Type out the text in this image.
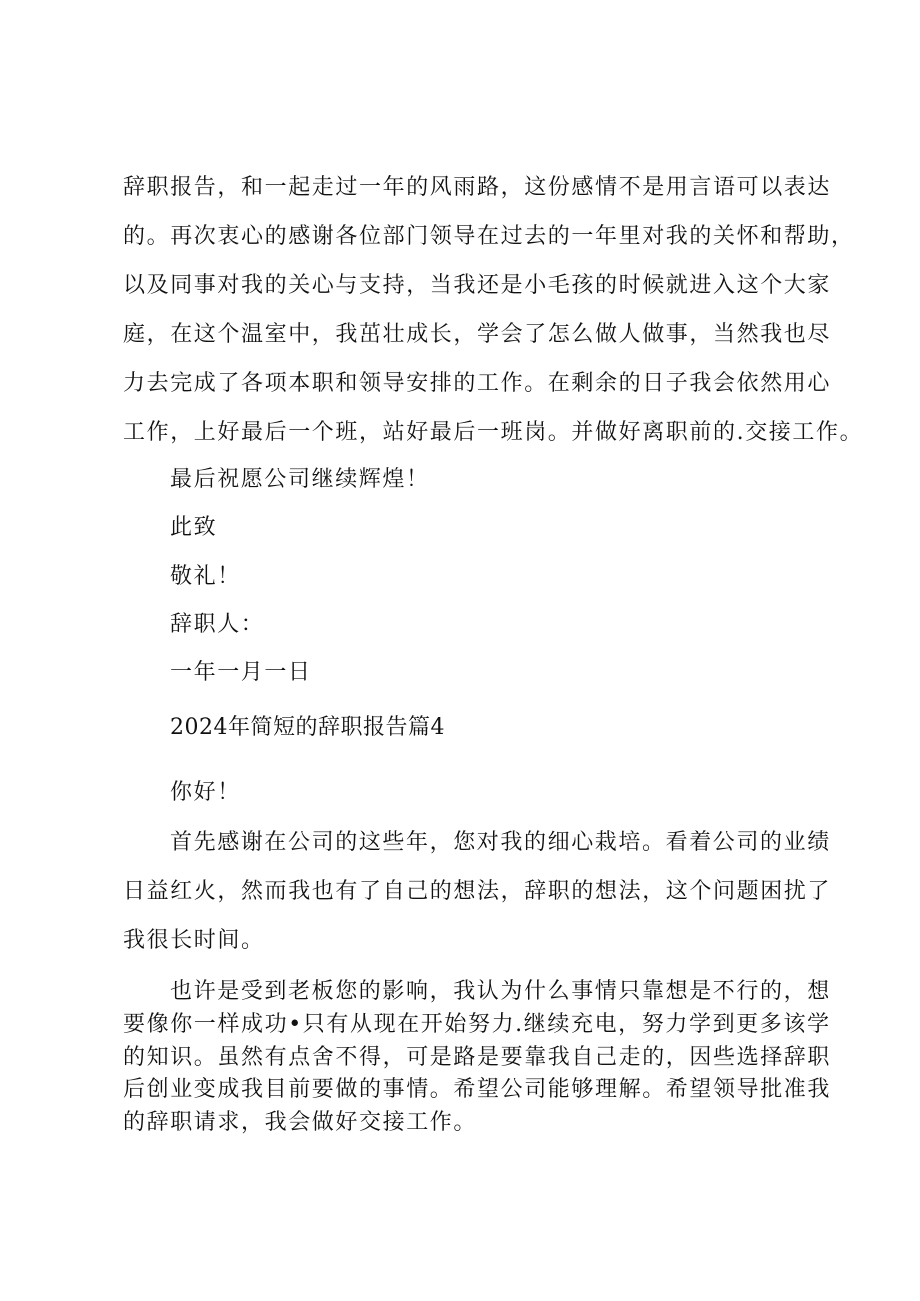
辞职报告，和一起走过一年的风雨路，这份感情不是用言语可以表达
的。再次衷心的感谢各位部门领导在过去的一年里对我的关怀和帮助，
以及同事对我的关心与支持，当我还是小毛孩的时候就进入这个大家
庭，在这个温室中，我茁壮成长，学会了怎么做人做事，当然我也尽
力去完成了各项本职和领导安排的工作。在剩余的日子我会依然用心
工作，上好最后一个班，站好最后一班岗。并做好离职前的.交接工作。
最后祝愿公司继续辉煌！
此致
敬礼！
辞职人：
一年一月一日
2024年简短的辞职报告篇4
你好！
首先感谢在公司的这些年，您对我的细心栽培。看着公司的业绩
日益红火，然而我也有了自己的想法，辞职的想法，这个问题困扰了
我很长时间。
也许是受到老板您的影响，我认为什么事情只靠想是不行的，想
要像你一样成功•只有从现在开始努力.继续充电，努力学到更多该学
的知识。虽然有点舍不得，可是路是要靠我自己走的，因些选择辞职
后创业变成我目前要做的事情。希望公司能够理解。希望领导批准我
的辞职请求，我会做好交接工作。
